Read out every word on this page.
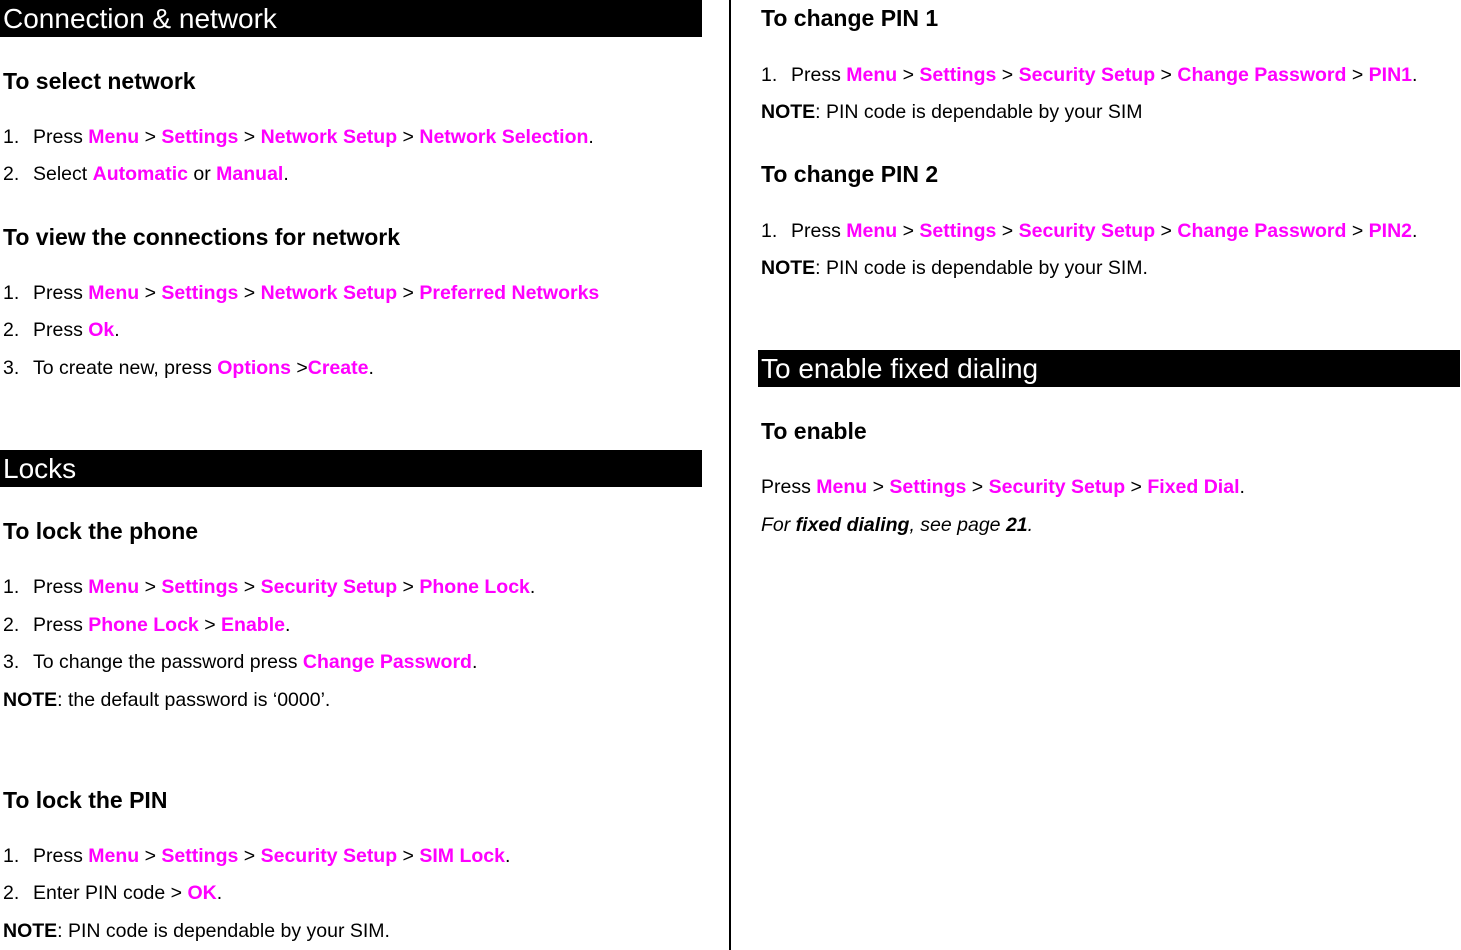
Connection & network
To select network
1. Press Menu > Settings > Network Setup > Network Selection.
2. Select Automatic or Manual.
To view the connections for network
1. Press Menu > Settings > Network Setup > Preferred Networks
2. Press Ok.
3. To create new, press Options >Create.
Locks
To lock the phone
1. Press Menu > Settings > Security Setup > Phone Lock.
2. Press Phone Lock > Enable.
3. To change the password press Change Password.
NOTE: the default password is ‘0000’.
To lock the PIN
1. Press Menu > Settings > Security Setup > SIM Lock.
2. Enter PIN code > OK.
NOTE: PIN code is dependable by your SIM.
To change PIN 1
1. Press Menu > Settings > Security Setup > Change Password > PIN1.
NOTE: PIN code is dependable by your SIM
To change PIN 2
1. Press Menu > Settings > Security Setup > Change Password > PIN2.
NOTE: PIN code is dependable by your SIM.
To enable fixed dialing
To enable
Press Menu > Settings > Security Setup > Fixed Dial.
For fixed dialing, see page 21.
